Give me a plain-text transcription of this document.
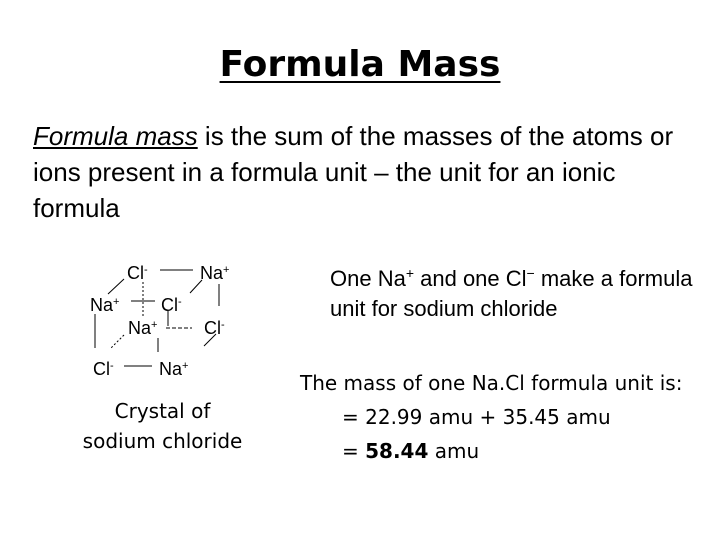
Formula Mass
Formula mass is the sum of the masses of the atoms or ions present in a formula unit – the unit for an ionic formula
Cl-	Na+
Na+ Cl-
Na+	Cl-
Cl-	Na+
Crystal of
sodium chloride
One Na+ and one Cl− make a formula unit for sodium chloride
The mass of one Na.Cl formula unit is:
= 22.99 amu + 35.45 amu
= 58.44 amu
